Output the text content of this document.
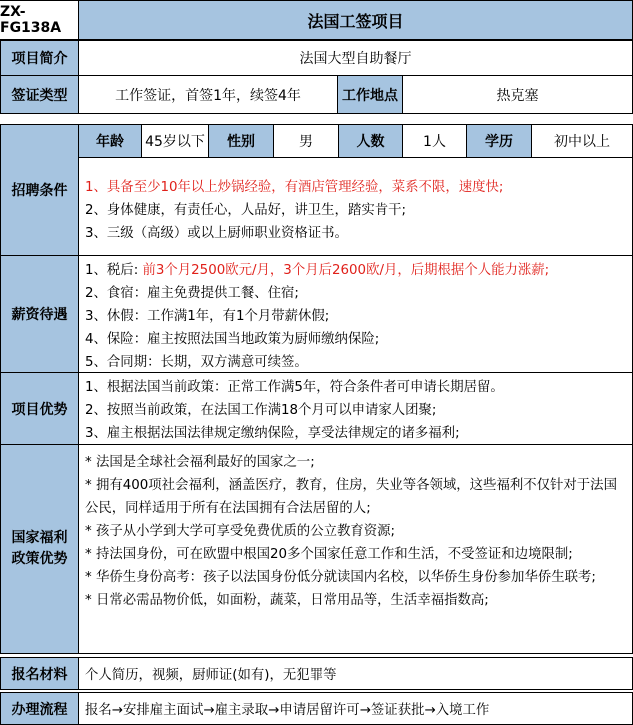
ZX-FG138A	法国工签项目
项目简介	法国大型自助餐厅
签证类型	工作签证，首签1年，续签4年	工作地点	热克塞
招聘条件
年龄 45岁以下 性别	男	人数	1人	学历	初中以上
1、具备至少10年以上炒锅经验，有酒店管理经验，菜系不限，速度快;
2、身体健康，有责任心，人品好，讲卫生，踏实肯干;
3、三级（高级）或以上厨师职业资格证书。
薪资待遇
1、税后: 前3个月2500欧元/月，3个月后2600欧/月，后期根据个人能力涨薪;
2、食宿：雇主免费提供工餐、住宿;
3、休假：工作满1年，有1个月带薪休假;
4、保险：雇主按照法国当地政策为厨师缴纳保险;
5、合同期：长期，双方满意可续签。
项目优势
1、根据法国当前政策：正常工作满5年，符合条件者可申请长期居留。
2、按照当前政策，在法国工作满18个月可以申请家人团聚;
3、雇主根据法国法律规定缴纳保险，享受法律规定的诸多福利;
国家福利
政策优势
* 法国是全球社会福利最好的国家之一;
* 拥有400项社会福利，涵盖医疗，教育，住房，失业等各领域，这些福利不仅针对于法国公民，同样适用于所有在法国拥有合法居留的人;
* 孩子从小学到大学可享受免费优质的公立教育资源;
* 持法国身份，可在欧盟中根国20多个国家任意工作和生活，不受签证和边境限制;
* 华侨生身份高考：孩子以法国身份低分就读国内名校，以华侨生身份参加华侨生联考;
* 日常必需品物价低，如面粉，蔬菜，日常用品等，生活幸福指数高;
报名材料 个人简历，视频，厨师证(如有)，无犯罪等
办理流程 报名→安排雇主面试→雇主录取→申请居留许可→签证获批→入境工作
